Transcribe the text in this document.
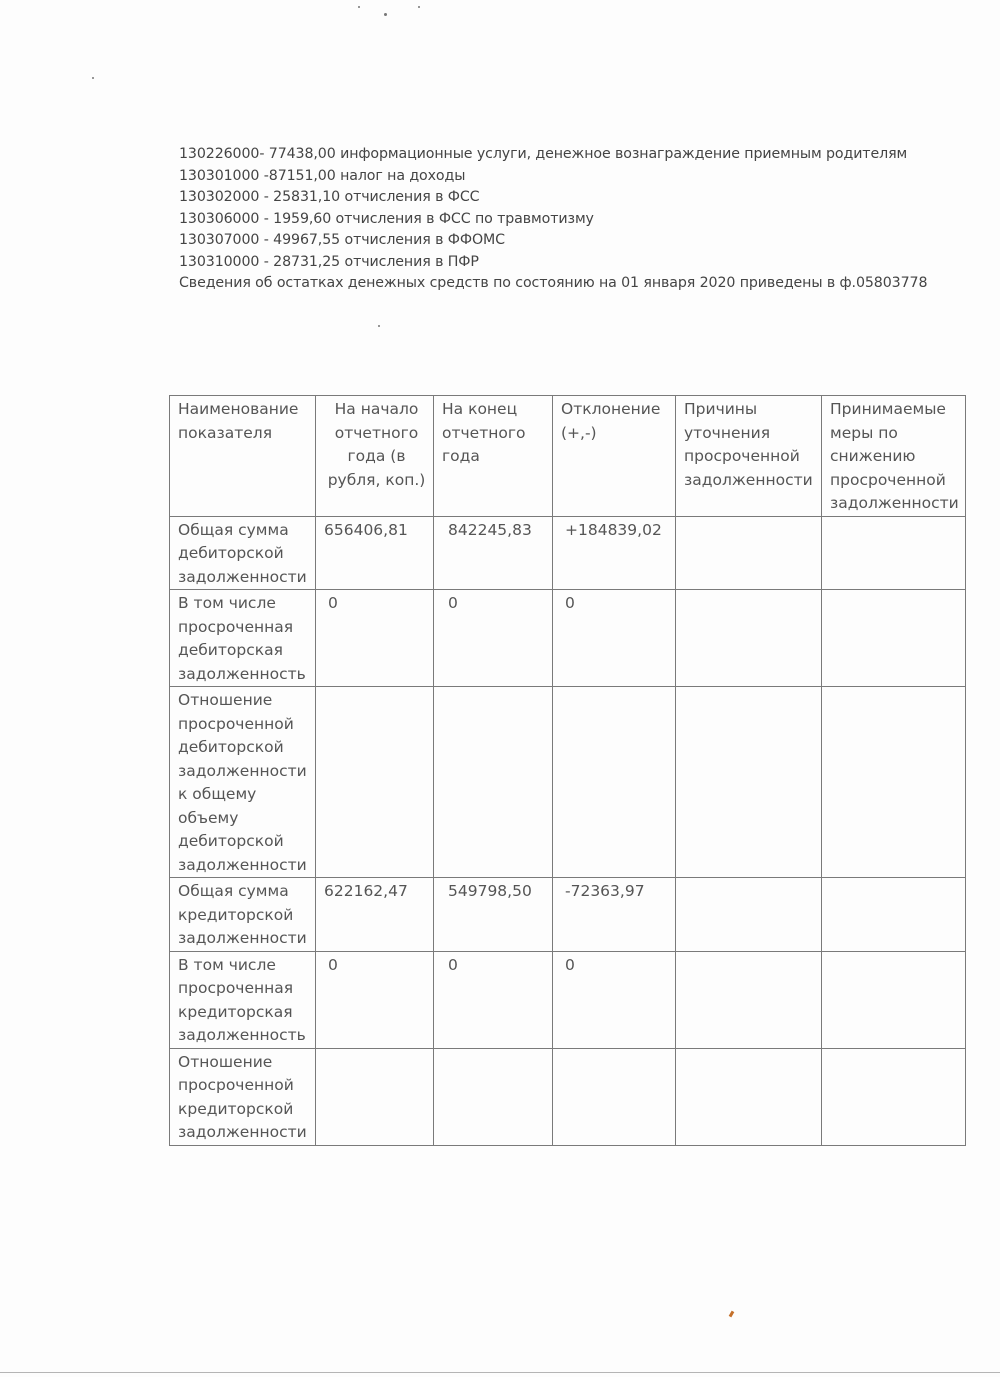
130226000- 77438,00 информационные услуги, денежное вознаграждение приемным родителям
130301000 -87151,00 налог на доходы
130302000 - 25831,10 отчисления в ФСС
130306000 - 1959,60 отчисления в ФСС по травмотизму
130307000 - 49967,55 отчисления в ФФОМС
130310000 - 28731,25 отчисления в ПФР
Сведения об остатках денежных средств по состоянию на 01 января 2020 приведены в ф.05803778
Наименование показателя	На начало отчетного года (в рубля, коп.)	На конец отчетного года	Отклонение (+,-)	Причины уточнения просроченной задолженности	Принимаемые меры по снижению просроченной задолженности
Общая сумма дебиторской задолженности	656406,81	842245,83	+184839,02		
В том числе просроченная дебиторская задолженность	0	0	0		
Отношение просроченной дебиторской задолженности к общему объему дебиторской задолженности					
Общая сумма кредиторской задолженности	622162,47	549798,50	-72363,97		
В том числе просроченная кредиторская задолженность	0	0	0		
Отношение просроченной кредиторской задолженности					
